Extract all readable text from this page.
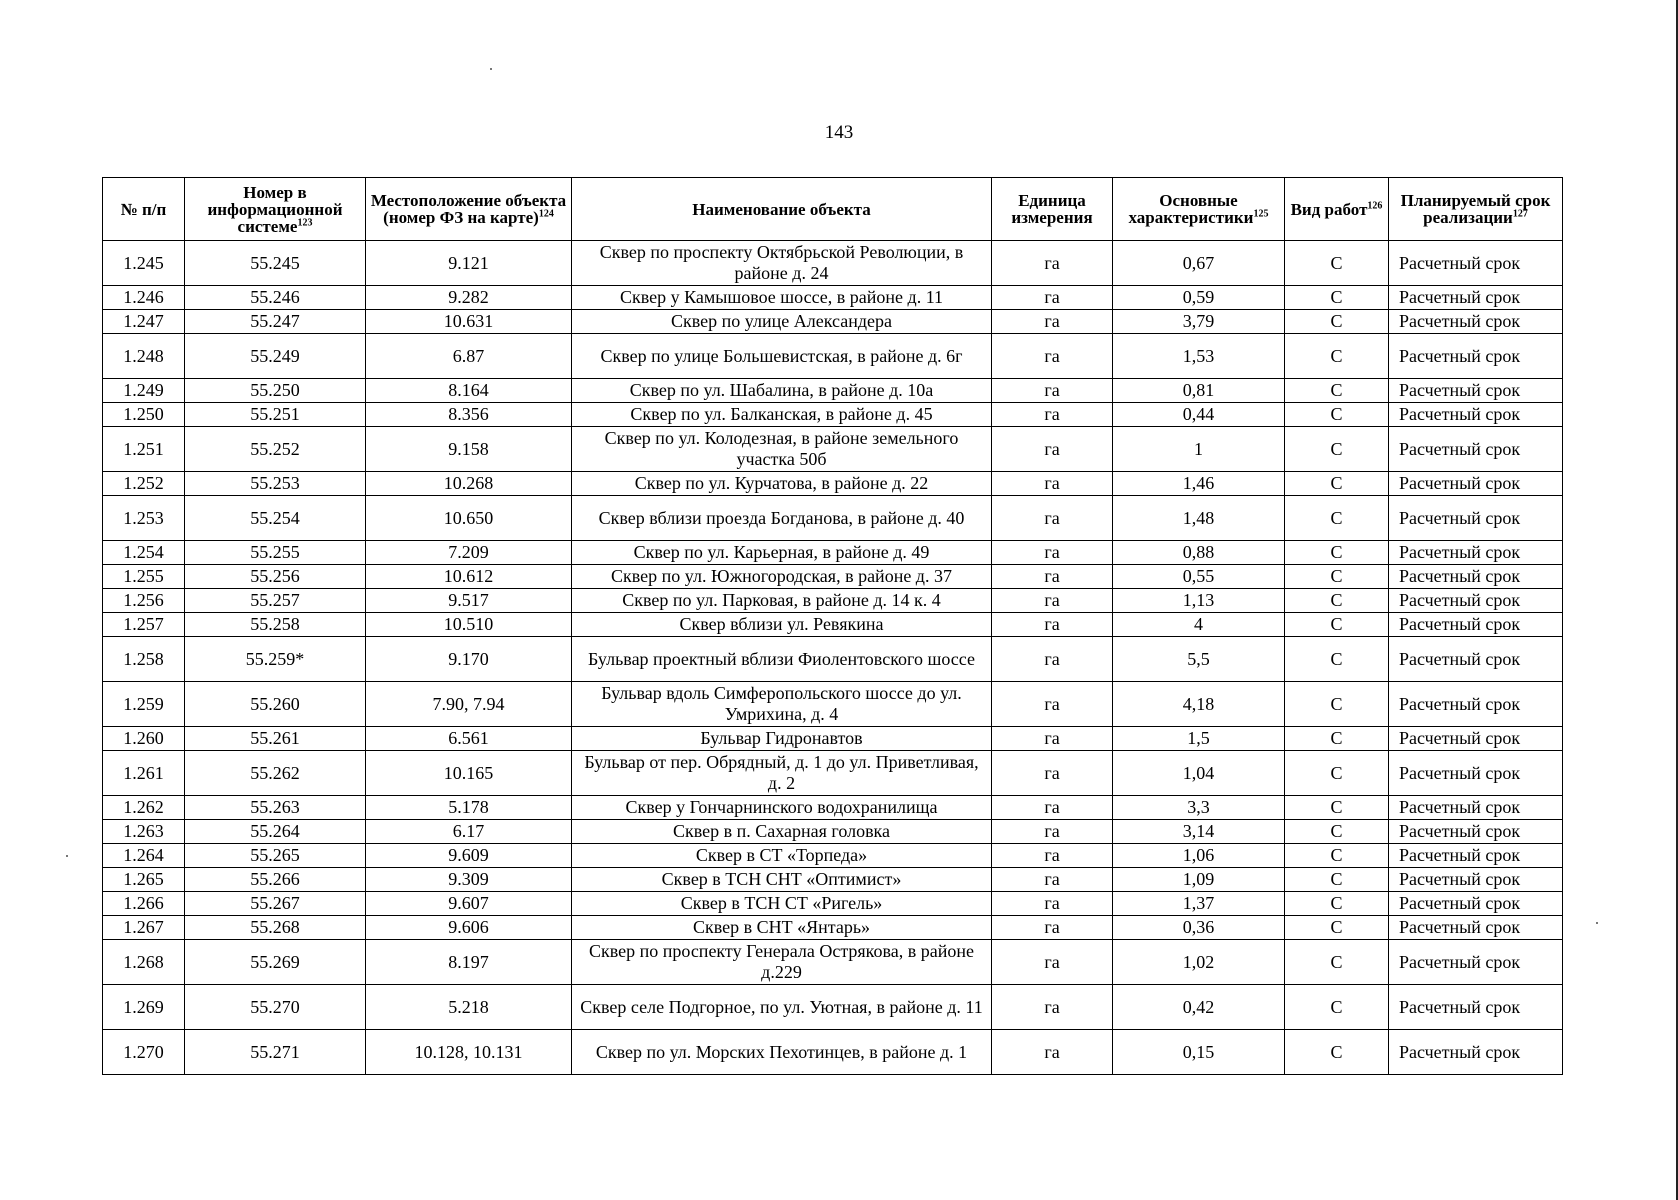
143
№ п/п	Номер в информационной системе$^{123}$	Местоположение объекта (номер ФЗ на карте)$^{124}$	Наименование объекта	Единица измерения	Основные характеристики$^{125}$	Вид работ$^{126}$	Планируемый срок реализации$^{127}$
1.245	55.245	9.121	Сквер по проспекту Октябрьской Революции, в районе д. 24	га	0,67	С	Расчетный срок
1.246	55.246	9.282	Сквер у Камышовое шоссе, в районе д. 11	га	0,59	С	Расчетный срок
1.247	55.247	10.631	Сквер по улице Александера	га	3,79	С	Расчетный срок
1.248	55.249	6.87	Сквер по улице Большевистская, в районе д. 6г	га	1,53	С	Расчетный срок
1.249	55.250	8.164	Сквер по ул. Шабалина, в районе д. 10а	га	0,81	С	Расчетный срок
1.250	55.251	8.356	Сквер по ул. Балканская, в районе д. 45	га	0,44	С	Расчетный срок
1.251	55.252	9.158	Сквер по ул. Колодезная, в районе земельного участка 50б	га	1	С	Расчетный срок
1.252	55.253	10.268	Сквер по ул. Курчатова, в районе д. 22	га	1,46	С	Расчетный срок
1.253	55.254	10.650	Сквер вблизи проезда Богданова, в районе д. 40	га	1,48	С	Расчетный срок
1.254	55.255	7.209	Сквер по ул. Карьерная, в районе д. 49	га	0,88	С	Расчетный срок
1.255	55.256	10.612	Сквер по ул. Южногородская, в районе д. 37	га	0,55	С	Расчетный срок
1.256	55.257	9.517	Сквер по ул. Парковая, в районе д. 14 к. 4	га	1,13	С	Расчетный срок
1.257	55.258	10.510	Сквер вблизи ул. Ревякина	га	4	С	Расчетный срок
1.258	55.259*	9.170	Бульвар проектный вблизи Фиолентовского шоссе	га	5,5	С	Расчетный срок
1.259	55.260	7.90, 7.94	Бульвар вдоль Симферопольского шоссе до ул. Умрихина, д. 4	га	4,18	С	Расчетный срок
1.260	55.261	6.561	Бульвар Гидронавтов	га	1,5	С	Расчетный срок
1.261	55.262	10.165	Бульвар от пер. Обрядный, д. 1 до ул. Приветливая, д. 2	га	1,04	С	Расчетный срок
1.262	55.263	5.178	Сквер у Гончарнинского водохранилища	га	3,3	С	Расчетный срок
1.263	55.264	6.17	Сквер в п. Сахарная головка	га	3,14	С	Расчетный срок
1.264	55.265	9.609	Сквер в СТ «Торпеда»	га	1,06	С	Расчетный срок
1.265	55.266	9.309	Сквер в ТСН СНТ «Оптимист»	га	1,09	С	Расчетный срок
1.266	55.267	9.607	Сквер в ТСН СТ «Ригель»	га	1,37	С	Расчетный срок
1.267	55.268	9.606	Сквер в СНТ «Янтарь»	га	0,36	С	Расчетный срок
1.268	55.269	8.197	Сквер по проспекту Генерала Острякова, в районе д.229	га	1,02	С	Расчетный срок
1.269	55.270	5.218	Сквер селе Подгорное, по ул. Уютная, в районе д. 11	га	0,42	С	Расчетный срок
1.270	55.271	10.128, 10.131	Сквер по ул. Морских Пехотинцев, в районе д. 1	га	0,15	С	Расчетный срок
